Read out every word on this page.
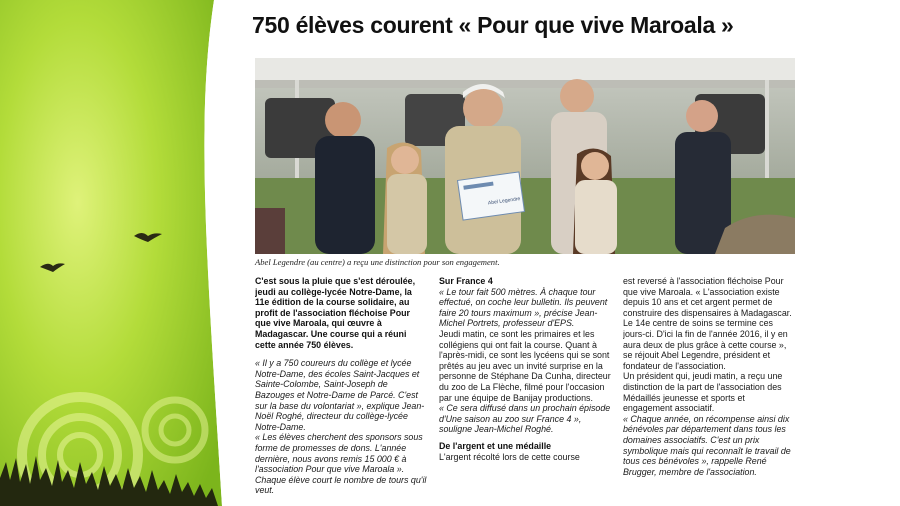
750 élèves courent « Pour que vive Maroala »
Abel Legendre
Abel Legendre (au centre) a reçu une distinction pour son engagement.

C'est sous la pluie que s'est déroulée, jeudi au collège-lycée Notre-Dame, la 11e édition de la course solidaire, au profit de l'association fléchoise Pour que vive Maroala, qui œuvre à Madagascar. Une course qui a réuni cette année 750 élèves.

« Il y a 750 coureurs du collège et lycée Notre-Dame, des écoles Saint-Jacques et Sainte-Colombe, Saint-Joseph de Bazouges et Notre-Dame de Parcé. C'est sur la base du volontariat », explique Jean-Noël Roghé, directeur du collège-lycée Notre-Dame.

« Les élèves cherchent des sponsors sous forme de promesses de dons. L'année dernière, nous avons remis 15 000 € à l'association Pour que vive Maroala ». Chaque élève court le nombre de tours qu'il veut.

Sur France 4

« Le tour fait 500 mètres. À chaque tour effectué, on coche leur bulletin. Ils peuvent faire 20 tours maximum », précise Jean-Michel Portrets, professeur d'EPS.

Jeudi matin, ce sont les primaires et les collégiens qui ont fait la course. Quant à l'après-midi, ce sont les lycéens qui se sont prêtés au jeu avec un invité surprise en la personne de Stéphane Da Cunha, directeur du zoo de La Flèche, filmé pour l'occasion par une équipe de Banijay productions.

« Ce sera diffusé dans un prochain épisode d'Une saison au zoo sur France 4 », souligne Jean-Michel Roghé.

De l'argent et une médaille

L'argent récolté lors de cette course

est reversé à l'association fléchoise Pour que vive Maroala. « L'association existe depuis 10 ans et cet argent permet de construire des dispensaires à Madagascar. Le 14e centre de soins se termine ces jours-ci. D'ici la fin de l'année 2016, il y en aura deux de plus grâce à cette course », se réjouit Abel Legendre, président et fondateur de l'association.

Un président qui, jeudi matin, a reçu une distinction de la part de l'association des Médaillés jeunesse et sports et engagement associatif.

« Chaque année, on récompense ainsi dix bénévoles par département dans tous les domaines associatifs. C'est un prix symbolique mais qui reconnaît le travail de tous ces bénévoles », rappelle René Brugger, membre de l'association.
